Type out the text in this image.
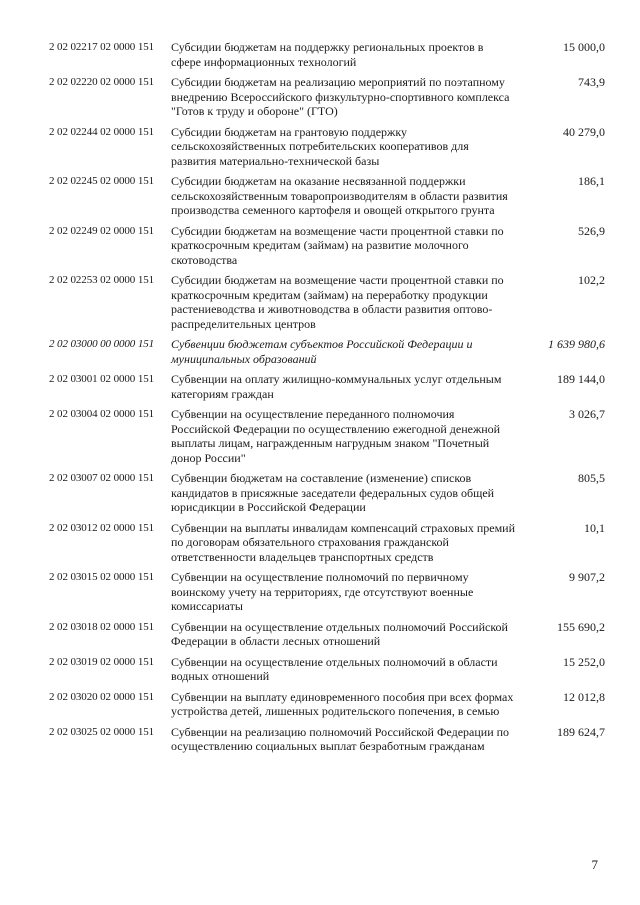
2 02 02217 02 0000 151	Субсидии бюджетам на поддержку региональных проектов в сфере информационных технологий	15 000,0
2 02 02220 02 0000 151	Субсидии бюджетам на реализацию мероприятий по поэтапному внедрению Всероссийского физкультурно-спортивного комплекса "Готов к труду и обороне" (ГТО)	743,9
2 02 02244 02 0000 151	Субсидии бюджетам на грантовую поддержку сельскохозяйственных потребительских кооперативов для развития материально-технической базы	40 279,0
2 02 02245 02 0000 151	Субсидии бюджетам на оказание несвязанной поддержки сельскохозяйственным товаропроизводителям в области развития производства семенного картофеля и овощей открытого грунта	186,1
2 02 02249 02 0000 151	Субсидии бюджетам на возмещение части процентной ставки по краткосрочным кредитам (займам) на развитие молочного скотоводства	526,9
2 02 02253 02 0000 151	Субсидии бюджетам на возмещение части процентной ставки по краткосрочным кредитам (займам) на переработку продукции растениеводства и животноводства в области развития оптово-распределительных центров	102,2
2 02 03000 00 0000 151	Субвенции бюджетам субъектов Российской Федерации и муниципальных образований	1 639 980,6
2 02 03001 02 0000 151	Субвенции на оплату жилищно-коммунальных услуг отдельным категориям граждан	189 144,0
2 02 03004 02 0000 151	Субвенции на осуществление переданного полномочия Российской Федерации по осуществлению ежегодной денежной выплаты лицам, награжденным нагрудным знаком "Почетный донор России"	3 026,7
2 02 03007 02 0000 151	Субвенции бюджетам на составление (изменение) списков кандидатов в присяжные заседатели федеральных судов общей юрисдикции в Российской Федерации	805,5
2 02 03012 02 0000 151	Субвенции на выплаты инвалидам компенсаций страховых премий по договорам обязательного страхования гражданской ответственности владельцев транспортных средств	10,1
2 02 03015 02 0000 151	Субвенции на осуществление полномочий по первичному воинскому учету на территориях, где отсутствуют военные комиссариаты	9 907,2
2 02 03018 02 0000 151	Субвенции на осуществление отдельных полномочий Российской Федерации в области лесных отношений	155 690,2
2 02 03019 02 0000 151	Субвенции на осуществление отдельных полномочий в области водных отношений	15 252,0
2 02 03020 02 0000 151	Субвенции на выплату единовременного пособия при всех формах устройства детей, лишенных родительского попечения, в семью	12 012,8
2 02 03025 02 0000 151	Субвенции на реализацию полномочий Российской Федерации по осуществлению социальных выплат безработным гражданам	189 624,7
7
